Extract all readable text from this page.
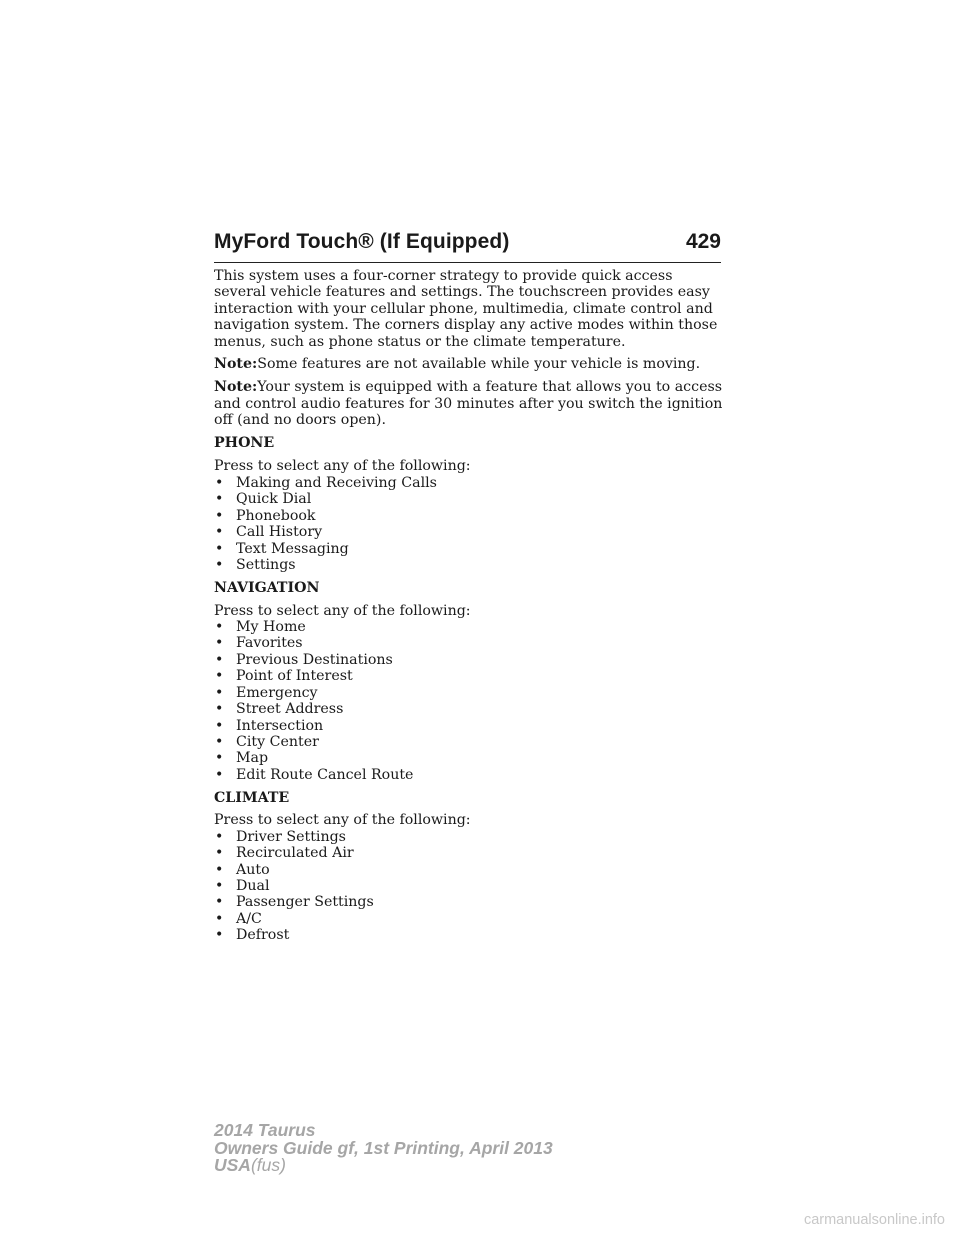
MyFord Touch® (If Equipped)	429

This system uses a four-corner strategy to provide quick access several vehicle features and settings. The touchscreen provides easy interaction with your cellular phone, multimedia, climate control and navigation system. The corners display any active modes within those menus, such as phone status or the climate temperature.

Note:Some features are not available while your vehicle is moving.

Note:Your system is equipped with a feature that allows you to access and control audio features for 30 minutes after you switch the ignition off (and no doors open).

PHONE

Press to select any of the following:

• Making and Receiving Calls
• Quick Dial
• Phonebook
• Call History
• Text Messaging
• Settings

NAVIGATION

Press to select any of the following:

• My Home
• Favorites
• Previous Destinations
• Point of Interest
• Emergency
• Street Address
• Intersection
• City Center
• Map
• Edit Route Cancel Route

CLIMATE

Press to select any of the following:

• Driver Settings
• Recirculated Air
• Auto
• Dual
• Passenger Settings
• A/C
• Defrost
2014 Taurus
Owners Guide gf, 1st Printing, April 2013
USA(fus)
carmanualsonline.info
